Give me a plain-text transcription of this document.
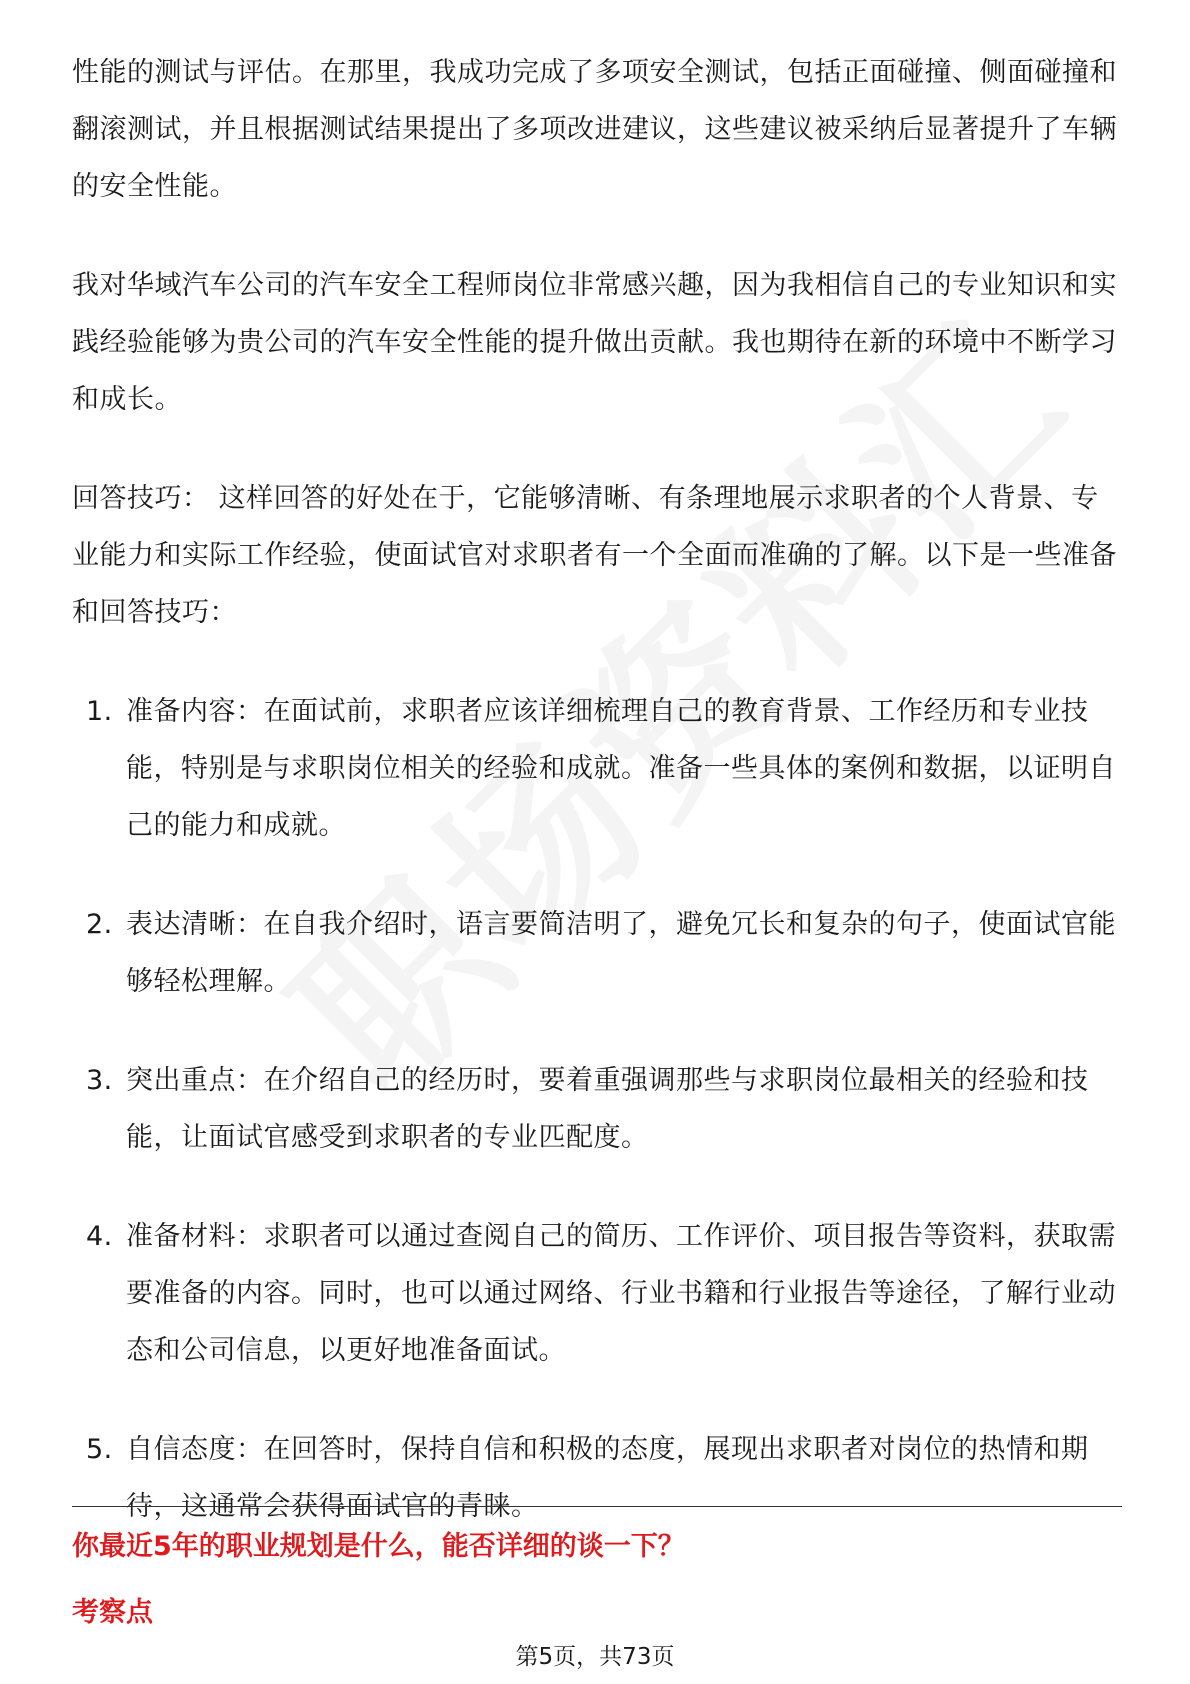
性能的测试与评估。在那里，我成功完成了多项安全测试，包括正面碰撞、侧面碰撞和翻滚测试，并且根据测试结果提出了多项改进建议，这些建议被采纳后显著提升了车辆的安全性能。

我对华域汽车公司的汽车安全工程师岗位非常感兴趣，因为我相信自己的专业知识和实践经验能够为贵公司的汽车安全性能的提升做出贡献。我也期待在新的环境中不断学习和成长。

回答技巧： 这样回答的好处在于，它能够清晰、有条理地展示求职者的个人背景、专业能力和实际工作经验，使面试官对求职者有一个全面而准确的了解。以下是一些准备和回答技巧：

1. 准备内容：在面试前，求职者应该详细梳理自己的教育背景、工作经历和专业技能，特别是与求职岗位相关的经验和成就。准备一些具体的案例和数据，以证明自己的能力和成就。
2. 表达清晰：在自我介绍时，语言要简洁明了，避免冗长和复杂的句子，使面试官能够轻松理解。
3. 突出重点：在介绍自己的经历时，要着重强调那些与求职岗位最相关的经验和技能，让面试官感受到求职者的专业匹配度。
4. 准备材料：求职者可以通过查阅自己的简历、工作评价、项目报告等资料，获取需要准备的内容。同时，也可以通过网络、行业书籍和行业报告等途径，了解行业动态和公司信息，以更好地准备面试。
5. 自信态度：在回答时，保持自信和积极的态度，展现出求职者对岗位的热情和期待，这通常会获得面试官的青睐。
你最近5年的职业规划是什么，能否详细的谈一下？
考察点
第5页，共73页
